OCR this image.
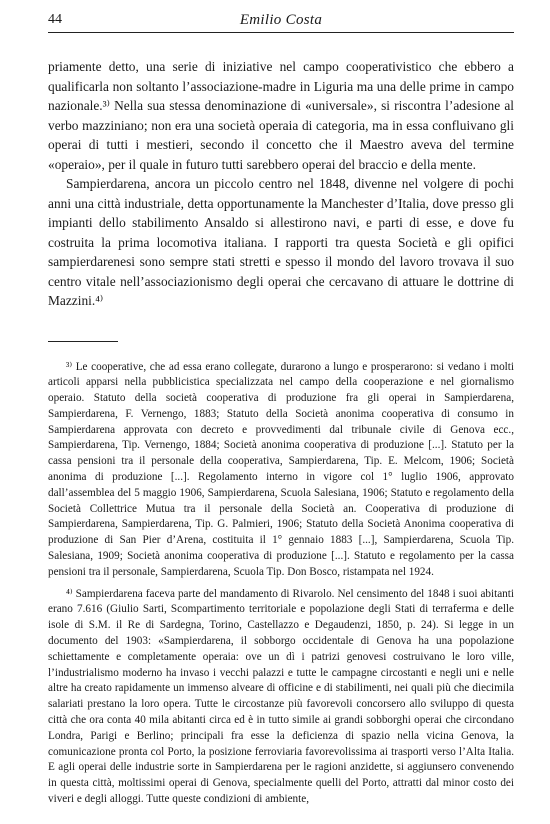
44	Emilio Costa

priamente detto, una serie di iniziative nel campo cooperativistico che ebbero a qualificarla non soltanto l’associazione-madre in Liguria ma una delle prime in campo nazionale.³⁾ Nella sua stessa denominazione di «universale», si riscontra l’adesione al verbo mazziniano; non era una società operaia di categoria, ma in essa confluivano gli operai di tutti i mestieri, secondo il concetto che il Maestro aveva del termine «operaio», per il quale in futuro tutti sarebbero operai del braccio e della mente.

Sampierdarena, ancora un piccolo centro nel 1848, divenne nel volgere di pochi anni una città industriale, detta opportunamente la Manchester d’Italia, dove presso gli impianti dello stabilimento Ansaldo si allestirono navi, e parti di esse, e dove fu costruita la prima locomotiva italiana. I rapporti tra questa Società e gli opifici sampierdarenesi sono sempre stati stretti e spesso il mondo del lavoro trovava il suo centro vitale nell’associazionismo degli operai che cercavano di attuare le dottrine di Mazzini.⁴⁾

³⁾ Le cooperative, che ad essa erano collegate, durarono a lungo e prosperarono: si vedano i molti articoli apparsi nella pubblicistica specializzata nel campo della cooperazione e nel giornalismo operaio. Statuto della società cooperativa di produzione fra gli operai in Sampierdarena, Sampierdarena, F. Vernengo, 1883; Statuto della Società anonima cooperativa di consumo in Sampierdarena approvata con decreto e provvedimenti dal tribunale civile di Genova ecc., Sampierdarena, Tip. Vernengo, 1884; Società anonima cooperativa di produzione [...]. Statuto per la cassa pensioni tra il personale della cooperativa, Sampierdarena, Tip. E. Melcom, 1906; Società anonima di produzione [...]. Regolamento interno in vigore col 1° luglio 1906, approvato dall’assemblea del 5 maggio 1906, Sampierdarena, Scuola Salesiana, 1906; Statuto e regolamento della Società Collettrice Mutua tra il personale della Società an. Cooperativa di produzione di Sampierdarena, Sampierdarena, Tip. G. Palmieri, 1906; Statuto della Società Anonima cooperativa di produzione di San Pier d’Arena, costituita il 1° gennaio 1883 [...], Sampierdarena, Scuola Tip. Salesiana, 1909; Società anonima cooperativa di produzione [...]. Statuto e regolamento per la cassa pensioni tra il personale, Sampierdarena, Scuola Tip. Don Bosco, ristampata nel 1924.

⁴⁾ Sampierdarena faceva parte del mandamento di Rivarolo. Nel censimento del 1848 i suoi abitanti erano 7.616 (Giulio Sarti, Scompartimento territoriale e popolazione degli Stati di terraferma e delle isole di S.M. il Re di Sardegna, Torino, Castellazzo e Degaudenzi, 1850, p. 24). Si legge in un documento del 1903: «Sampierdarena, il sobborgo occidentale di Genova ha una popolazione schiettamente e completamente operaia: ove un dì i patrizi genovesi costruivano le loro ville, l’industrialismo moderno ha invaso i vecchi palazzi e tutte le campagne circostanti e negli uni e nelle altre ha creato rapidamente un immenso alveare di officine e di stabilimenti, nei quali più che diecimila salariati prestano la loro opera. Tutte le circostanze più favorevoli concorsero allo sviluppo di questa città che ora conta 40 mila abitanti circa ed è in tutto simile ai grandi sobborghi operai che circondano Londra, Parigi e Berlino; principali fra esse la deficienza di spazio nella vicina Genova, la comunicazione pronta col Porto, la posizione ferroviaria favorevolissima ai trasporti verso l’Alta Italia. E agli operai delle industrie sorte in Sampierdarena per le ragioni anzidette, si aggiunsero convenendo in questa città, moltissimi operai di Genova, specialmente quelli del Porto, attratti dal minor costo dei viveri e degli alloggi. Tutte queste condizioni di ambiente,
